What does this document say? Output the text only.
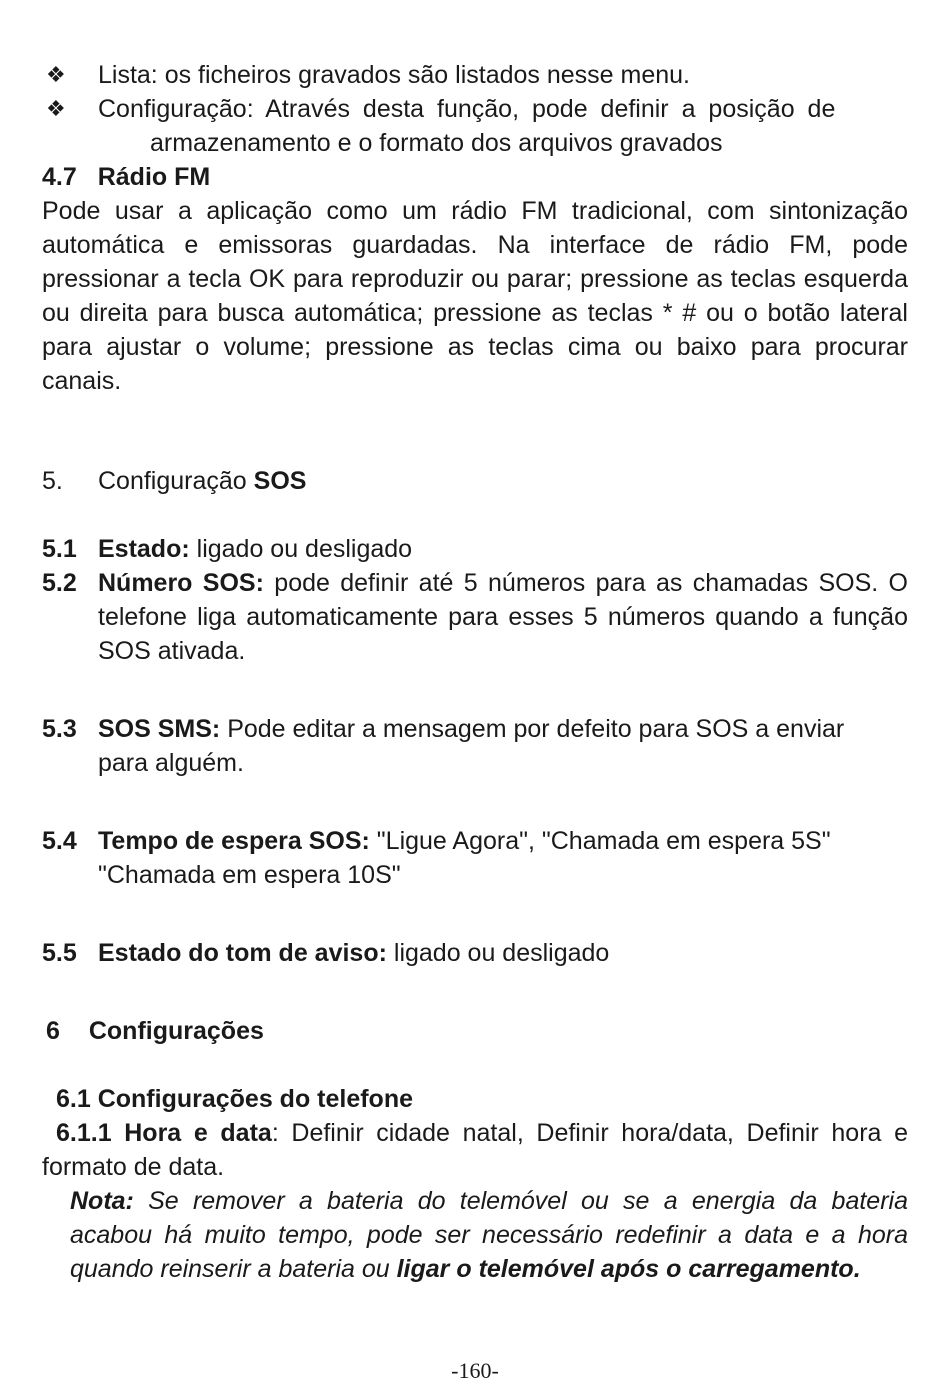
❖	Lista: os ficheiros gravados são listados nesse menu.
❖	Configuração: Através desta função, pode definir a posição de
armazenamento e o formato dos arquivos gravados
4.7 Rádio FM
Pode usar a aplicação como um rádio FM tradicional, com sintonização automática e emissoras guardadas. Na interface de rádio FM, pode pressionar a tecla OK para reproduzir ou parar; pressione as teclas esquerda ou direita para busca automática; pressione as teclas * # ou o botão lateral para ajustar o volume; pressione as teclas cima ou baixo para procurar canais.
5. Configuração SOS
5.1 Estado: ligado ou desligado
5.2 Número SOS: pode definir até 5 números para as chamadas SOS. O telefone liga automaticamente para esses 5 números quando a função SOS ativada.
5.3 SOS SMS: Pode editar a mensagem por defeito para SOS a enviar para alguém.
5.4 Tempo de espera SOS: "Ligue Agora", "Chamada em espera 5S" "Chamada em espera 10S"
5.5 Estado do tom de aviso: ligado ou desligado
6 Configurações
6.1 Configurações do telefone
6.1.1 Hora e data: Definir cidade natal, Definir hora/data, Definir hora e formato de data.
Nota: Se remover a bateria do telemóvel ou se a energia da bateria acabou há muito tempo, pode ser necessário redefinir a data e a hora quando reinserir a bateria ou ligar o telemóvel após o carregamento.
-160-
